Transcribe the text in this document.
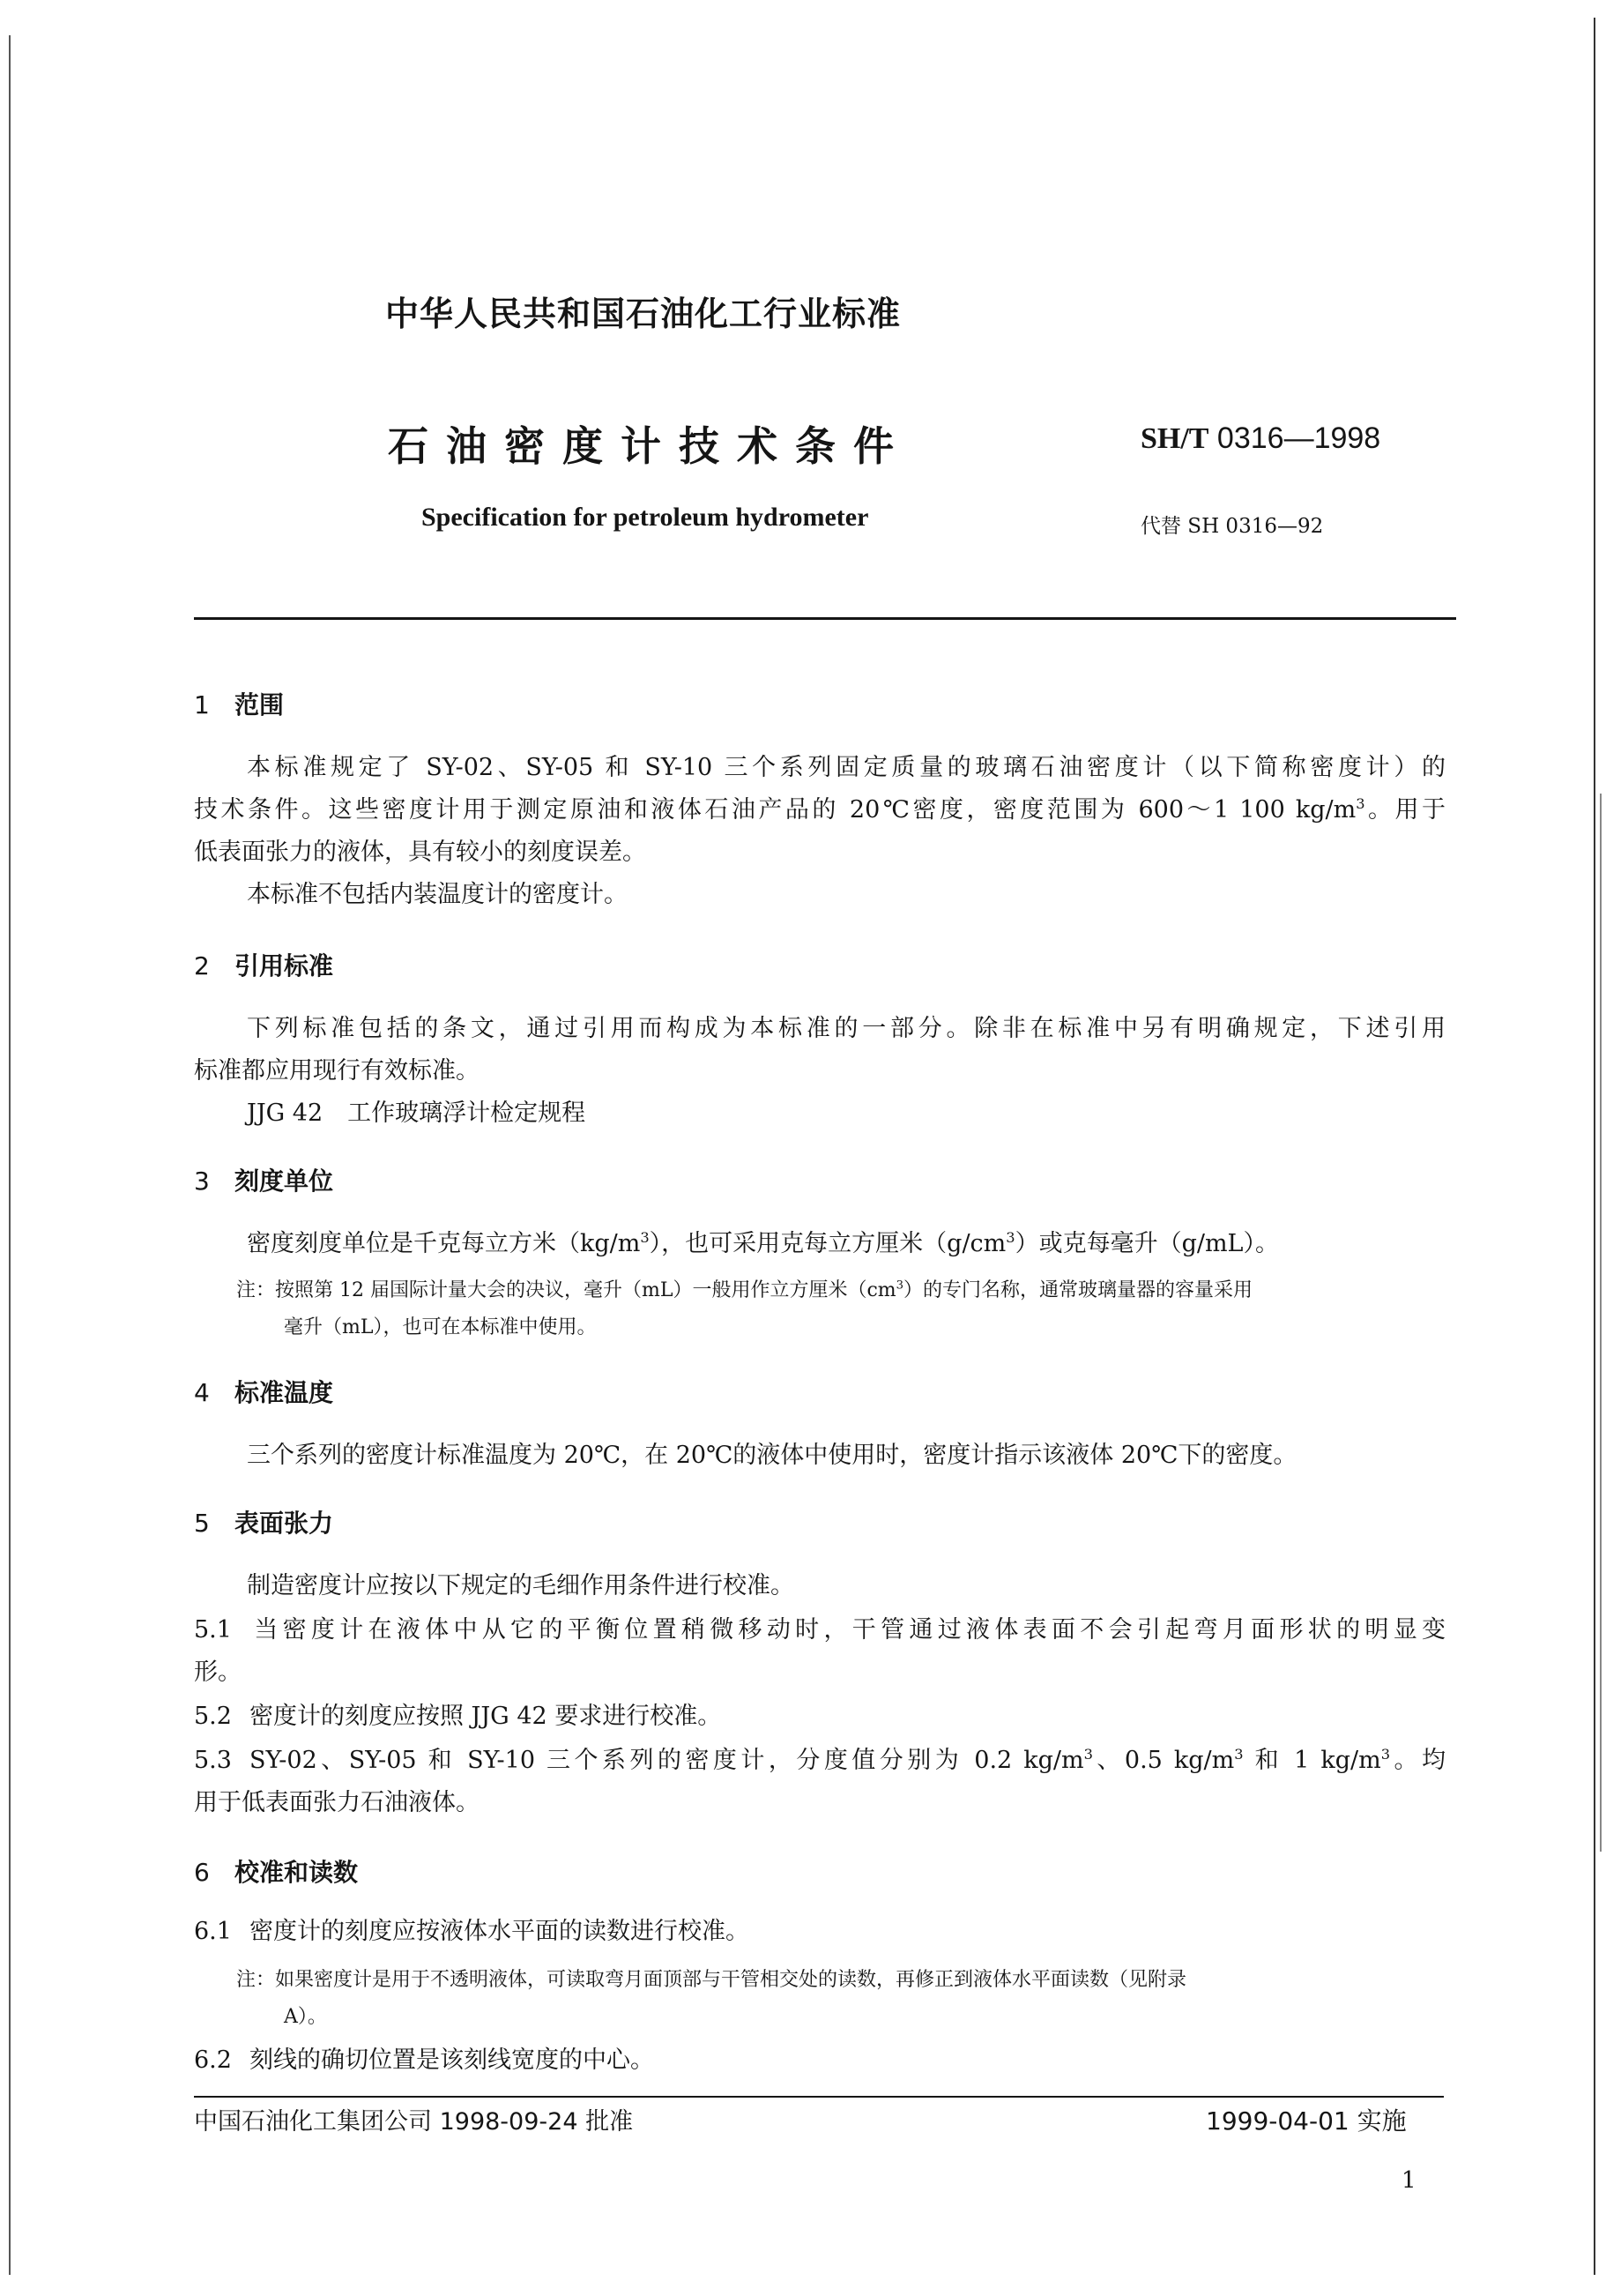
中华人民共和国石油化工行业标准
石油密度计技术条件	SH/T 0316—1998
Specification for petroleum hydrometer	代替 SH 0316—92
1 范围
本标准规定了 SY-02、SY-05 和 SY-10 三个系列固定质量的玻璃石油密度计（以下简称密度计）的
技术条件。这些密度计用于测定原油和液体石油产品的 20℃密度，密度范围为 600～1 100 $kg/m^3$。用于
低表面张力的液体，具有较小的刻度误差。
本标准不包括内装温度计的密度计。
2 引用标准
下列标准包括的条文，通过引用而构成为本标准的一部分。除非在标准中另有明确规定，下述引用
标准都应用现行有效标准。
JJG 42 工作玻璃浮计检定规程
3 刻度单位
密度刻度单位是千克每立方米$(kg/m^3)$，也可采用克每立方厘米$(g/cm^3)$或克每毫升（g/mL）。
注：按照第 12 届国际计量大会的决议，毫升（mL）一般用作立方厘米$(cm^3)$的专门名称，通常玻璃量器的容量采用
毫升（mL），也可在本标准中使用。
4 标准温度
三个系列的密度计标准温度为 20℃，在 20℃的液体中使用时，密度计指示该液体 20℃下的密度。
5 表面张力
制造密度计应按以下规定的毛细作用条件进行校准。
5.1 当密度计在液体中从它的平衡位置稍微移动时，干管通过液体表面不会引起弯月面形状的明显变
形。
5.2 密度计的刻度应按照 JJG 42 要求进行校准。
5.3 SY-02、SY-05 和 SY-10 三个系列的密度计，分度值分别为 0.2 $kg/m^3$、0.5 $kg/m^3$ 和 1 $kg/m^3$。均
用于低表面张力石油液体。
6 校准和读数
6.1 密度计的刻度应按液体水平面的读数进行校准。
注：如果密度计是用于不透明液体，可读取弯月面顶部与干管相交处的读数，再修正到液体水平面读数（见附录
A）。
6.2 刻线的确切位置是该刻线宽度的中心。
中国石油化工集团公司 1998-09-24 批准	1999-04-01 实施
1
